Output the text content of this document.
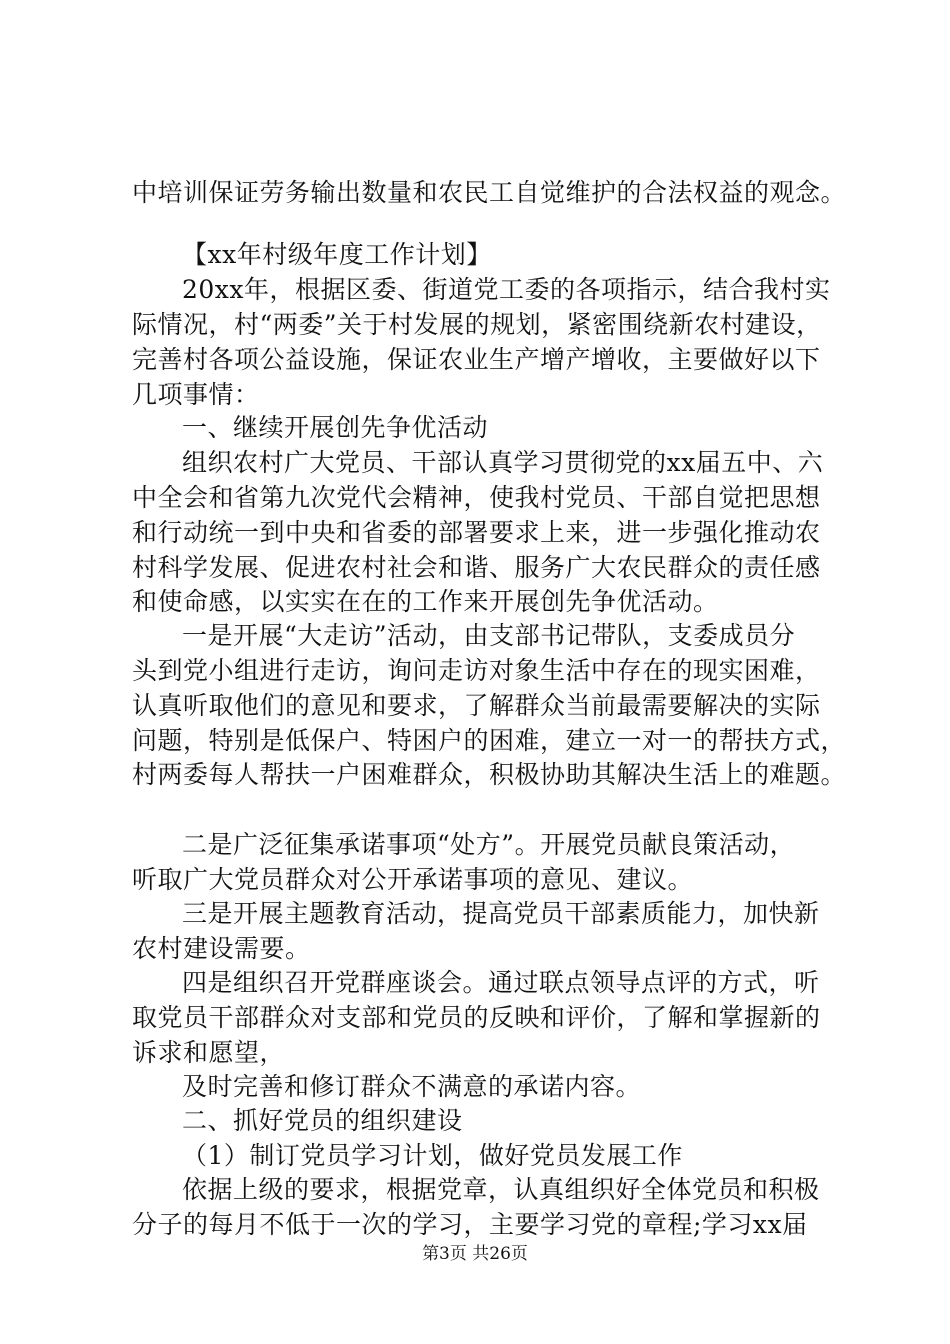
中培训保证劳务输出数量和农民工自觉维护的合法权益的观念。
【xx年村级年度工作计划】
20xx年，根据区委、街道党工委的各项指示，结合我村实
际情况，村“两委”关于村发展的规划，紧密围绕新农村建设，
完善村各项公益设施，保证农业生产增产增收，主要做好以下
几项事情：
一、继续开展创先争优活动
组织农村广大党员、干部认真学习贯彻党的xx届五中、六
中全会和省第九次党代会精神，使我村党员、干部自觉把思想
和行动统一到中央和省委的部署要求上来，进一步强化推动农
村科学发展、促进农村社会和谐、服务广大农民群众的责任感
和使命感，以实实在在的工作来开展创先争优活动。
一是开展“大走访”活动，由支部书记带队，支委成员分
头到党小组进行走访，询问走访对象生活中存在的现实困难，
认真听取他们的意见和要求，了解群众当前最需要解决的实际
问题，特别是低保户、特困户的困难，建立一对一的帮扶方式，
村两委每人帮扶一户困难群众，积极协助其解决生活上的难题。
二是广泛征集承诺事项“处方”。开展党员献良策活动，
听取广大党员群众对公开承诺事项的意见、建议。
三是开展主题教育活动，提高党员干部素质能力，加快新
农村建设需要。
四是组织召开党群座谈会。通过联点领导点评的方式，听
取党员干部群众对支部和党员的反映和评价，了解和掌握新的
诉求和愿望，
及时完善和修订群众不满意的承诺内容。
二、抓好党员的组织建设
（1）制订党员学习计划，做好党员发展工作
依据上级的要求，根据党章，认真组织好全体党员和积极
分子的每月不低于一次的学习，主要学习党的章程;学习xx届
第3页 共26页
